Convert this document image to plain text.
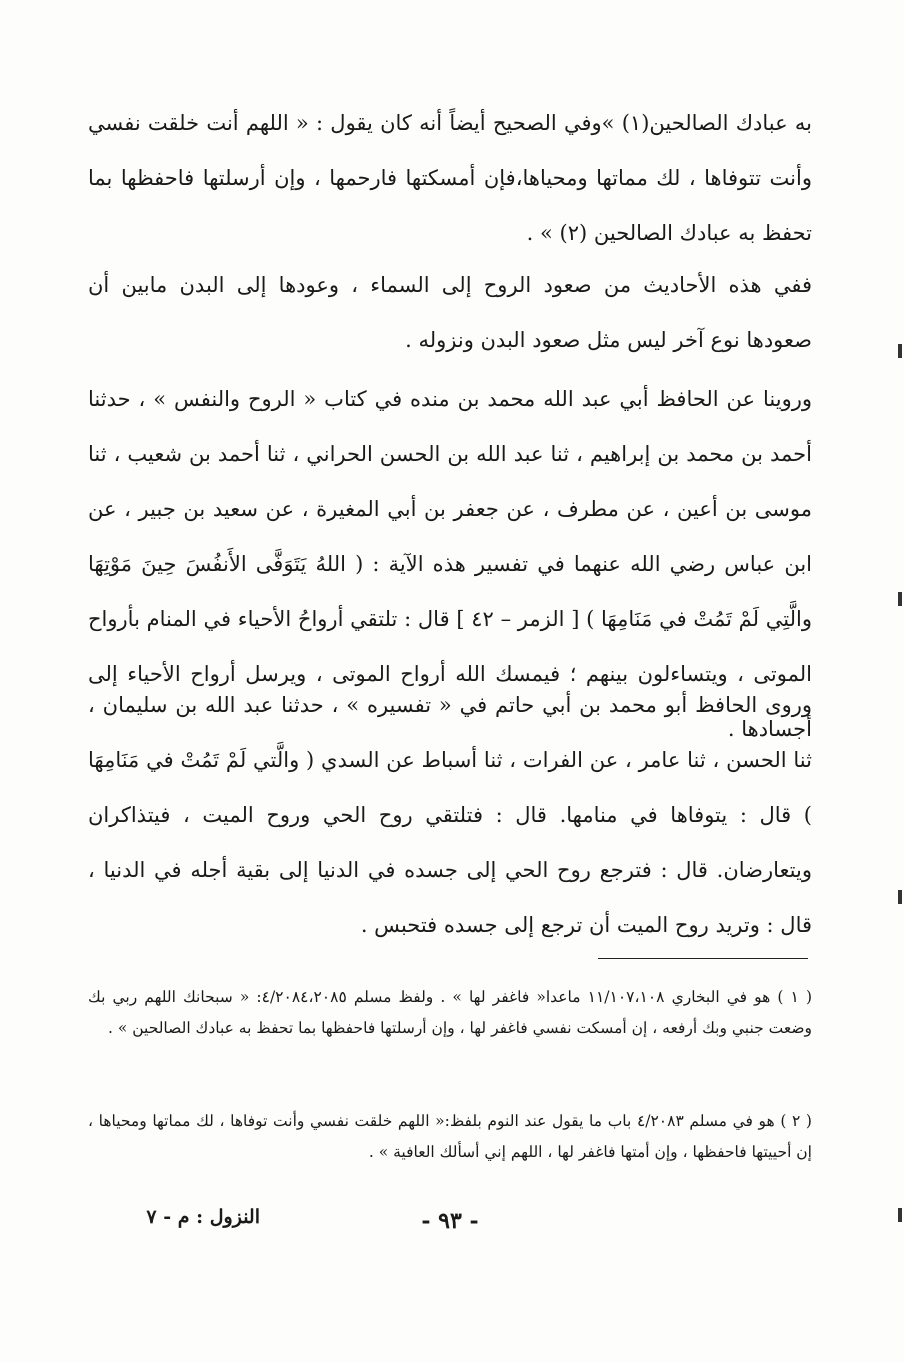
به عبادك الصالحين(١) »وفي الصحيح أيضاً أنه كان يقول : « اللهم أنت خلقت نفسي وأنت تتوفاها ، لك مماتها ومحياها،فإن أمسكتها فارحمها ، وإن أرسلتها فاحفظها بما تحفظ به عبادك الصالحين (٢) » .

ففي هذه الأحاديث من صعود الروح إلى السماء ، وعودها إلى البدن مابين أن صعودها نوع آخر ليس مثل صعود البدن ونزوله .

وروينا عن الحافظ أبي عبد الله محمد بن منده في كتاب « الروح والنفس » ، حدثنا أحمد بن محمد بن إبراهيم ، ثنا عبد الله بن الحسن الحراني ، ثنا أحمد بن شعيب ، ثنا موسى بن أعين ، عن مطرف ، عن جعفر بن أبي المغيرة ، عن سعيد بن جبير ، عن ابن عباس رضي الله عنهما في تفسير هذه الآية : ( اللهُ يَتَوَفَّى الأَنفُسَ حِينَ مَوْتِهَا والَّتِي لَمْ تَمُتْ في مَنَامِهَا ) [ الزمر – ٤٢ ] قال : تلتقي أرواحُ الأحياء في المنام بأرواح الموتى ، ويتساءلون بينهم ؛ فيمسك الله أرواح الموتى ، ويرسل أرواح الأحياء إلى أجسادها .

وروى الحافظ أبو محمد بن أبي حاتم في « تفسيره » ، حدثنا عبد الله بن سليمان ، ثنا الحسن ، ثنا عامر ، عن الفرات ، ثنا أسباط عن السدي ( والَّتي لَمْ تَمُتْ في مَنَامِهَا ) قال : يتوفاها في منامها. قال : فتلتقي روح الحي وروح الميت ، فيتذاكران ويتعارضان. قال : فترجع روح الحي إلى جسده في الدنيا إلى بقية أجله في الدنيا ، قال : وتريد روح الميت أن ترجع إلى جسده فتحبس .

( ١ ) هو في البخاري ١١/١٠٧،١٠٨ ماعدا« فاغفر لها » . ولفظ مسلم ٤/٢٠٨٤،٢٠٨٥: « سبحانك اللهم ربي بك وضعت جنبي وبك أرفعه ، إن أمسكت نفسي فاغفر لها ، وإن أرسلتها فاحفظها بما تحفظ به عبادك الصالحين » .

( ٢ ) هو في مسلم ٤/٢٠٨٣ باب ما يقول عند النوم بلفظ:« اللهم خلقت نفسي وأنت توفاها ، لك مماتها ومحياها ، إن أحييتها فاحفظها ، وإن أمتها فاغفر لها ، اللهم إني أسألك العافية » .

النزول : م - ٧	- ٩٣ -
